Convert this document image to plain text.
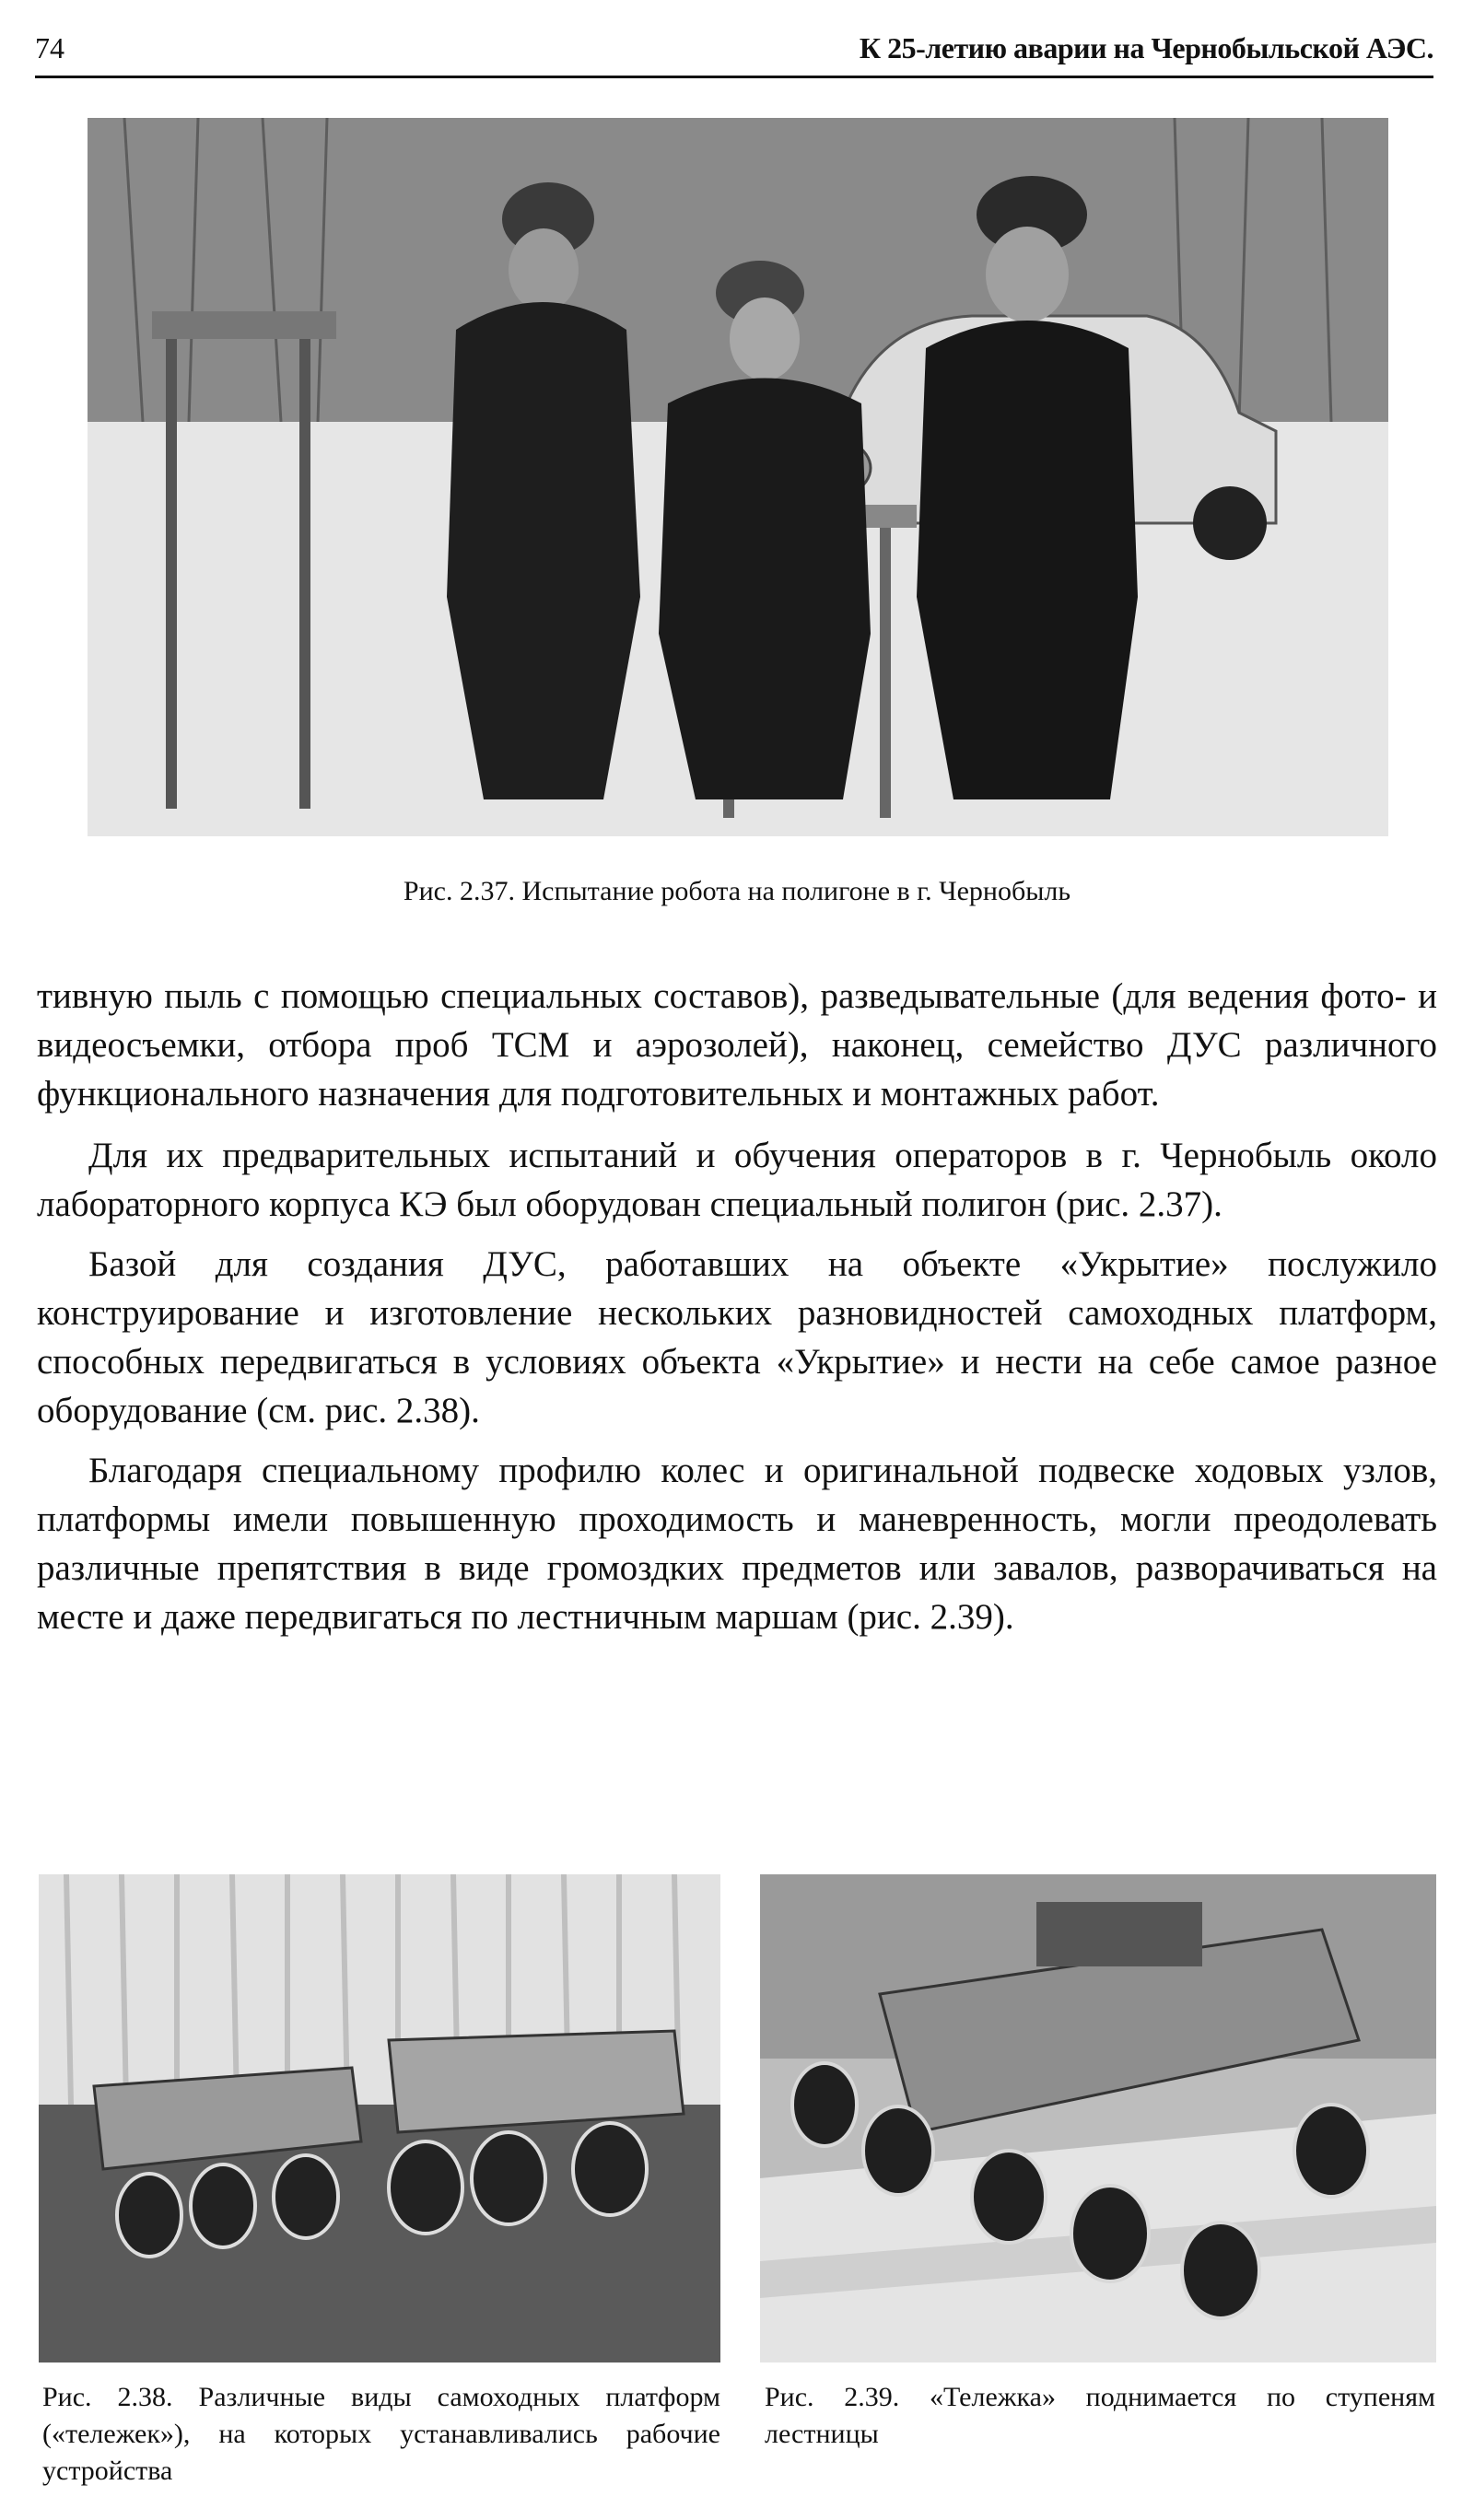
74	К 25-летию аварии на Чернобыльской АЭС.
Рис. 2.37. Испытание робота на полигоне в г. Чернобыль

тивную пыль с помощью специальных составов), разведывательные (для ведения фото- и видеосъемки, отбора проб ТСМ и аэрозолей), наконец, семейство ДУС различного функционального назначения для подготовительных и монтажных работ.

Для их предварительных испытаний и обучения операторов в г. Чернобыль около лабораторного корпуса КЭ был оборудован специальный полигон (рис. 2.37).

Базой для создания ДУС, работавших на объекте «Укрытие» послужило конструирование и изготовление нескольких разновидностей самоходных платформ, способных передвигаться в условиях объекта «Укрытие» и нести на себе самое разное оборудование (см. рис. 2.38).

Благодаря специальному профилю колес и оригинальной подвеске ходовых узлов, платформы имели повышенную проходимость и маневренность, могли преодолевать различные препятствия в виде громоздких предметов или завалов, разворачиваться на месте и даже передвигаться по лестничным маршам (рис. 2.39).

Рис. 2.38. Различные виды самоходных платформ («тележек»), на которых устанавливались рабочие устройства
Рис. 2.39. «Тележка» поднимается по ступеням лестницы
